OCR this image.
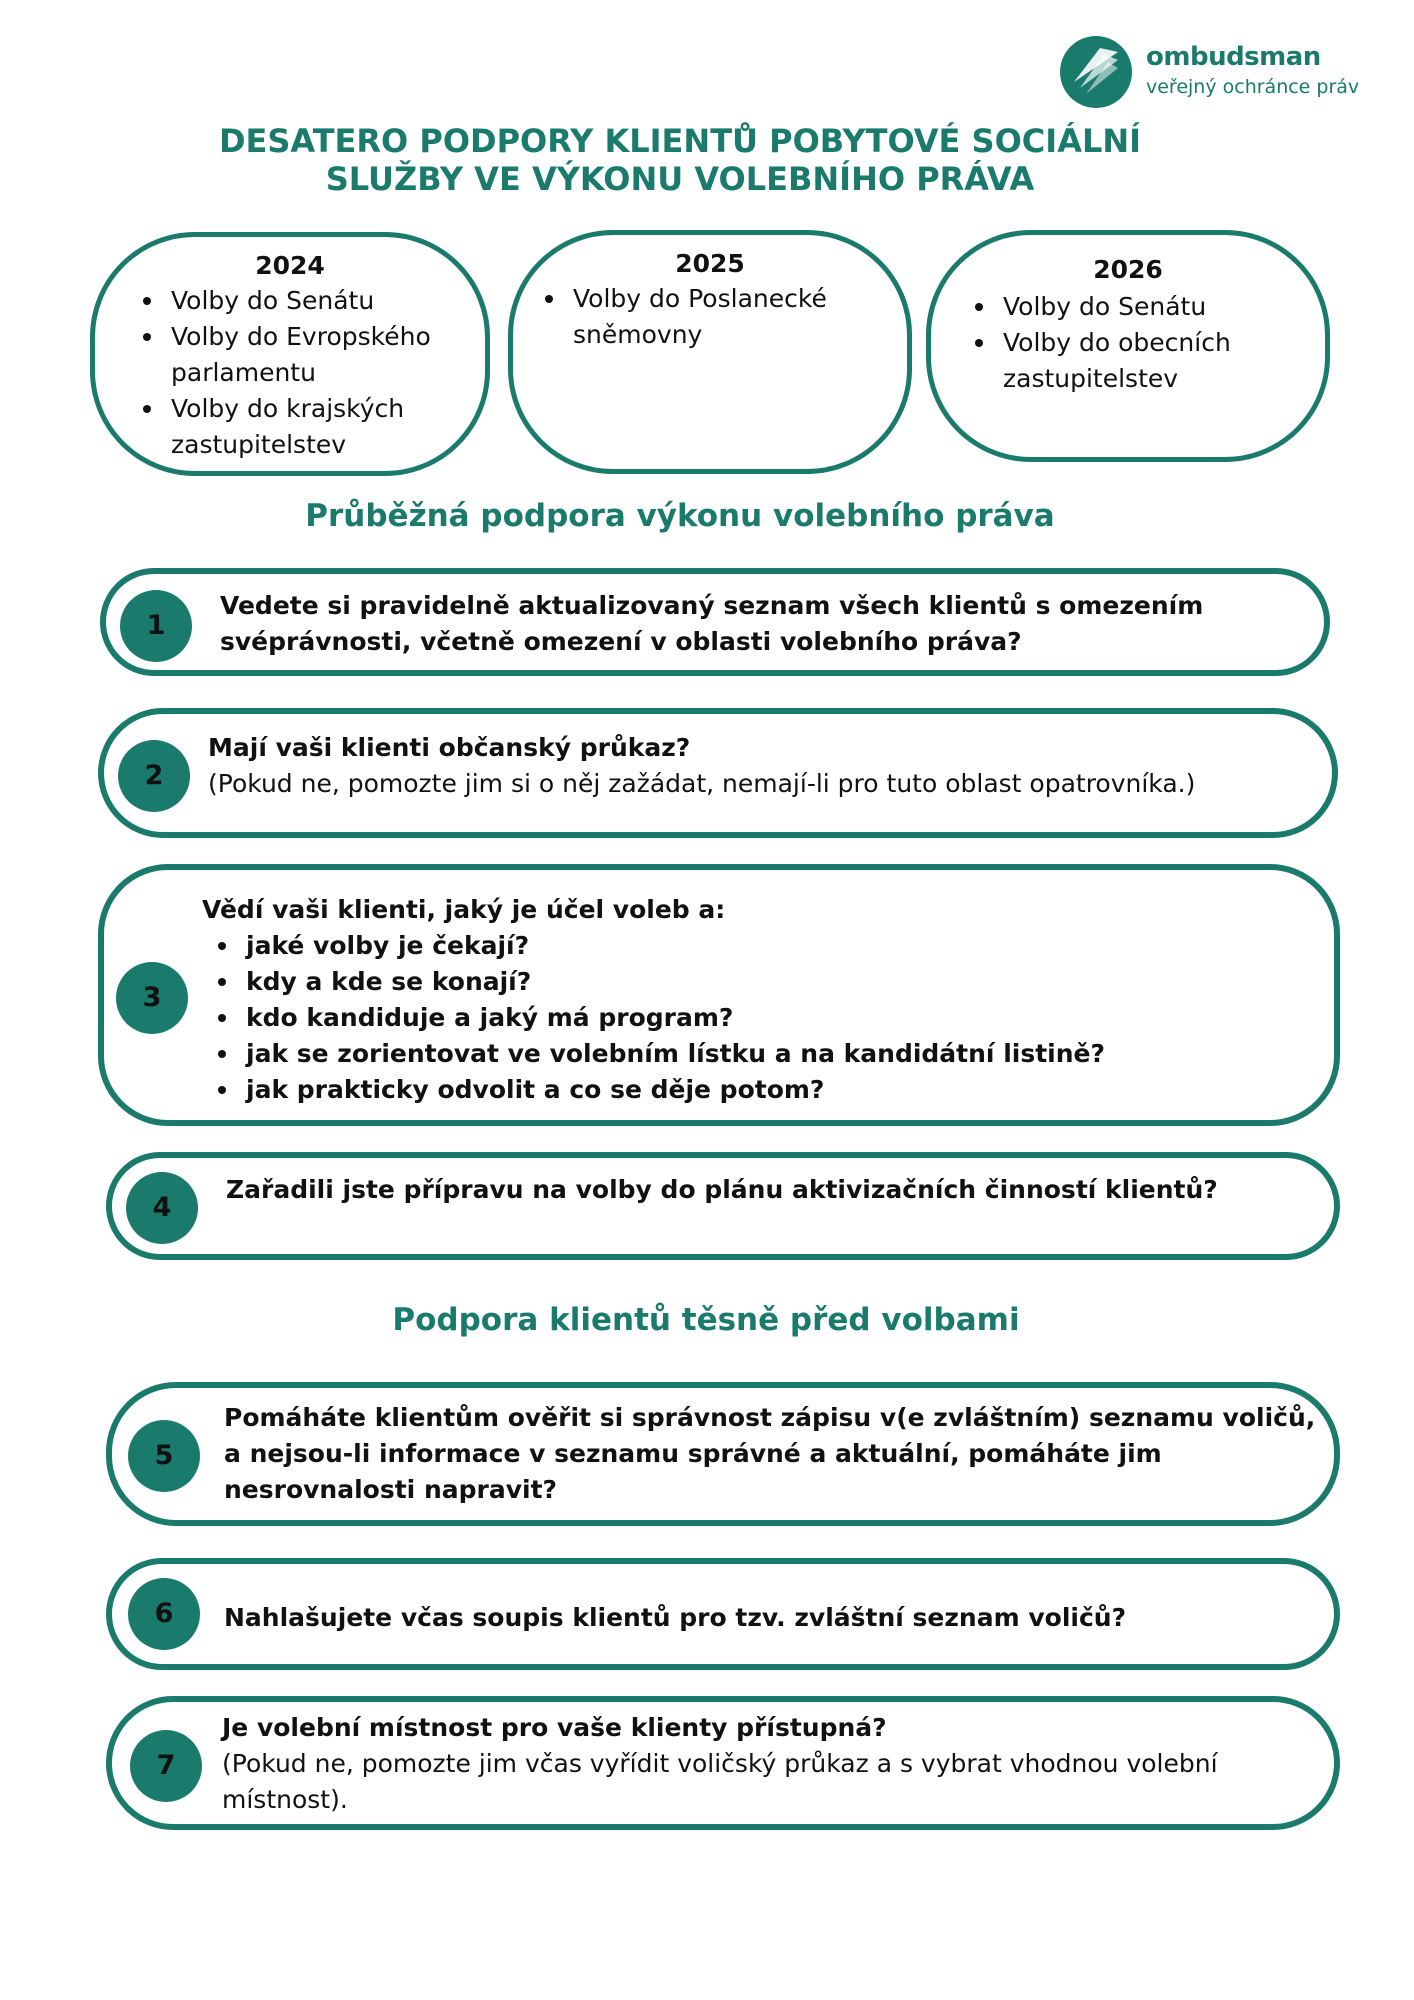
ombudsman
veřejný ochránce práv
DESATERO PODPORY KLIENTŮ POBYTOVÉ SOCIÁLNÍ
SLUŽBY VE VÝKONU VOLEBNÍHO PRÁVA
2024
Volby do Senátu
Volby do Evropského parlamentu
Volby do krajských zastupitelstev
2025
Volby do Poslanecké sněmovny
2026
Volby do Senátu
Volby do obecních zastupitelstev
Průběžná podpora výkonu volebního práva
1
Vedete si pravidelně aktualizovaný seznam všech klientů s omezením svéprávnosti, včetně omezení v oblasti volebního práva?
2
Mají vaši klienti občanský průkaz?
(Pokud ne, pomozte jim si o něj zažádat, nemají-li pro tuto oblast opatrovníka.)
3
Vědí vaši klienti, jaký je účel voleb a:
jaké volby je čekají?
kdy a kde se konají?
kdo kandiduje a jaký má program?
jak se zorientovat ve volebním lístku a na kandidátní listině?
jak prakticky odvolit a co se děje potom?
4
Zařadili jste přípravu na volby do plánu aktivizačních činností klientů?
Podpora klientů těsně před volbami
5
Pomáháte klientům ověřit si správnost zápisu v(e zvláštním) seznamu voličů, a nejsou-li informace v seznamu správné a aktuální, pomáháte jim nesrovnalosti napravit?
6	Nahlašujete včas soupis klientů pro tzv. zvláštní seznam voličů?
7
Je volební místnost pro vaše klienty přístupná?
(Pokud ne, pomozte jim včas vyřídit voličský průkaz a s vybrat vhodnou volební místnost).
